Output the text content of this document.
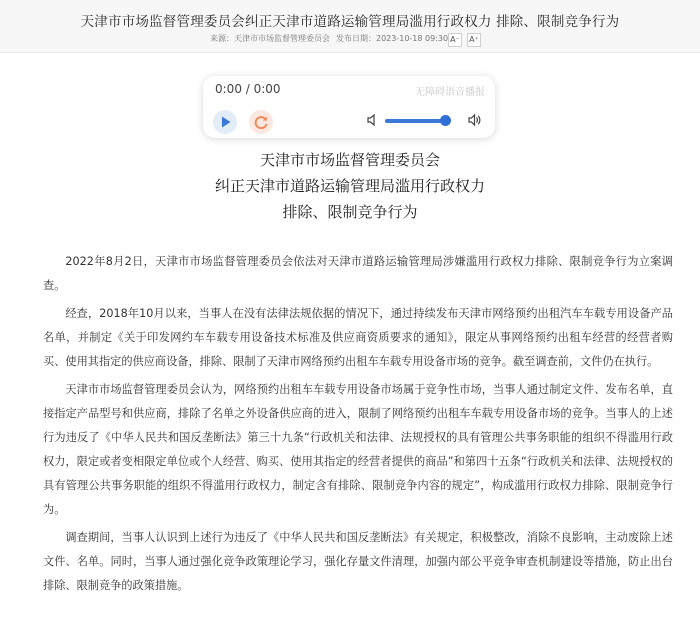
天津市市场监督管理委员会纠正天津市道路运输管理局滥用行政权力 排除、限制竞争行为
来源：天津市市场监督管理委员会 发布日期：2023-10-18 09:30 A⁻ A⁺
0:00 / 0:00	无障碍语音播报
天津市市场监督管理委员会
纠正天津市道路运输管理局滥用行政权力
排除、限制竞争行为

2022年8月2日，天津市市场监督管理委员会依法对天津市道路运输管理局涉嫌滥用行政权力排除、限制竞争行为立案调查。

经查，2018年10月以来，当事人在没有法律法规依据的情况下，通过持续发布天津市网络预约出租汽车车载专用设备产品名单，并制定《关于印发网约车车载专用设备技术标准及供应商资质要求的通知》，限定从事网络预约出租车经营的经营者购买、使用其指定的供应商设备，排除、限制了天津市网络预约出租车车载专用设备市场的竞争。截至调查前，文件仍在执行。

天津市市场监督管理委员会认为，网络预约出租车车载专用设备市场属于竞争性市场，当事人通过制定文件、发布名单，直接指定产品型号和供应商，排除了名单之外设备供应商的进入，限制了网络预约出租车车载专用设备市场的竞争。当事人的上述行为违反了《中华人民共和国反垄断法》第三十九条“行政机关和法律、法规授权的具有管理公共事务职能的组织不得滥用行政权力，限定或者变相限定单位或个人经营、购买、使用其指定的经营者提供的商品”和第四十五条“行政机关和法律、法规授权的具有管理公共事务职能的组织不得滥用行政权力，制定含有排除、限制竞争内容的规定”，构成滥用行政权力排除、限制竞争行为。

调查期间，当事人认识到上述行为违反了《中华人民共和国反垄断法》有关规定，积极整改，消除不良影响，主动废除上述文件、名单。同时，当事人通过强化竞争政策理论学习，强化存量文件清理，加强内部公平竞争审查机制建设等措施，防止出台排除、限制竞争的政策措施。
